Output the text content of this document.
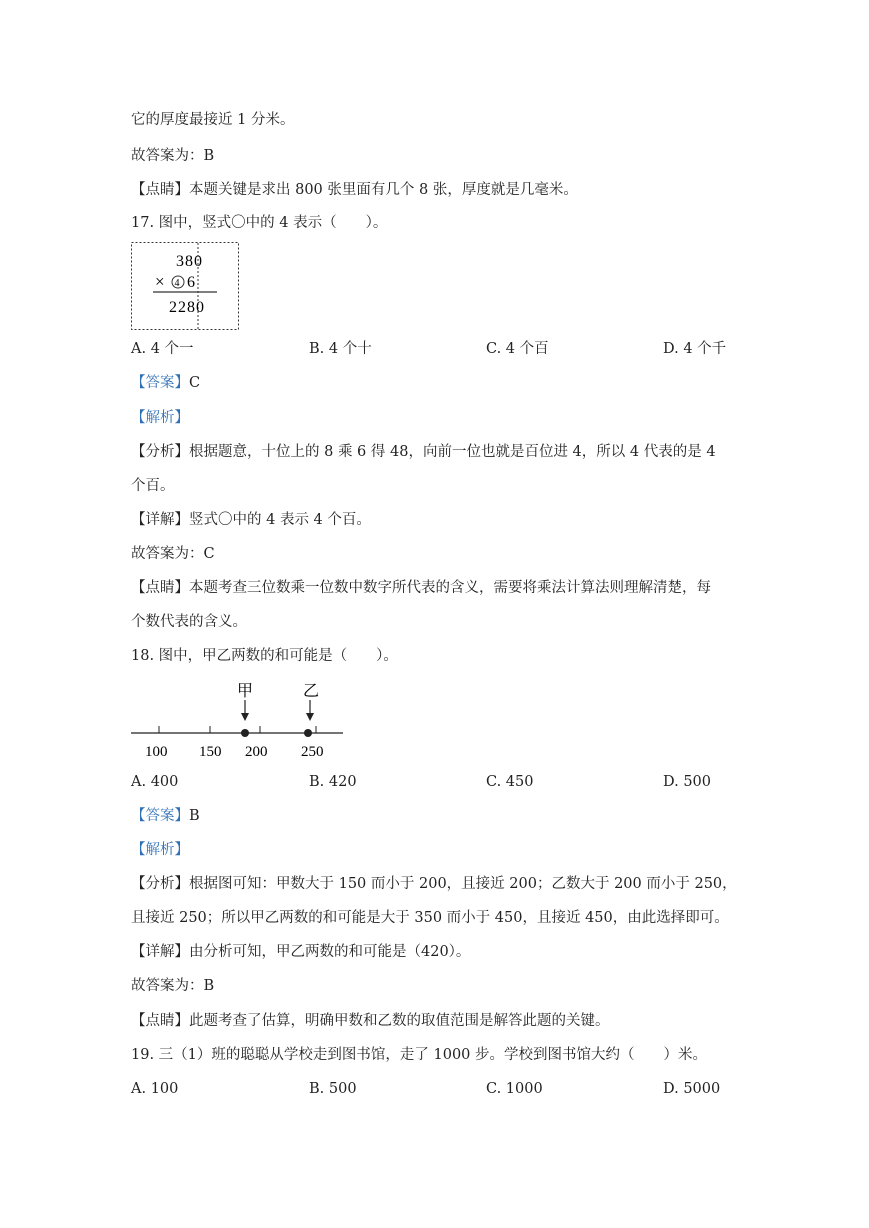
它的厚度最接近 1 分米。
故答案为：B
【点睛】本题关键是求出 800 张里面有几个 8 张，厚度就是几毫米。
17. 图中，竖式〇中的 4 表示（　　）。
380
× 4 6
2280
A. 4 个一	B. 4 个十	C. 4 个百	D. 4 个千
【答案】C
【解析】
【分析】根据题意，十位上的 8 乘 6 得 48，向前一位也就是百位进 4，所以 4 代表的是 4
个百。
【详解】竖式〇中的 4 表示 4 个百。
故答案为：C
【点睛】本题考查三位数乘一位数中数字所代表的含义，需要将乘法计算法则理解清楚，每
个数代表的含义。
18. 图中，甲乙两数的和可能是（　　）。
甲	乙
100 150 200 250
A. 400	B. 420	C. 450	D. 500
【答案】B
【解析】
【分析】根据图可知：甲数大于 150 而小于 200，且接近 200；乙数大于 200 而小于 250，
且接近 250；所以甲乙两数的和可能是大于 350 而小于 450，且接近 450，由此选择即可。
【详解】由分析可知，甲乙两数的和可能是（420）。
故答案为：B
【点睛】此题考查了估算，明确甲数和乙数的取值范围是解答此题的关键。
19. 三（1）班的聪聪从学校走到图书馆，走了 1000 步。学校到图书馆大约（　　）米。
A. 100	B. 500	C. 1000	D. 5000
